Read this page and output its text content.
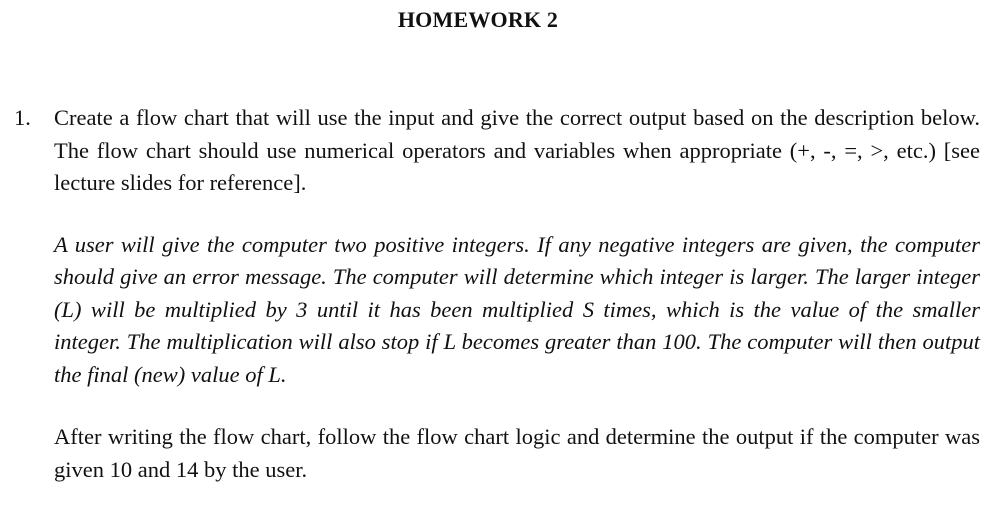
HOMEWORK 2
1. Create a flow chart that will use the input and give the correct output based on the description below. The flow chart should use numerical operators and variables when appropriate (+, -, =, >, etc.) [see lecture slides for reference].

A user will give the computer two positive integers. If any negative integers are given, the computer should give an error message. The computer will determine which integer is larger. The larger integer (L) will be multiplied by 3 until it has been multiplied S times, which is the value of the smaller integer. The multiplication will also stop if L becomes greater than 100. The computer will then output the final (new) value of L.

After writing the flow chart, follow the flow chart logic and determine the output if the computer was given 10 and 14 by the user.
